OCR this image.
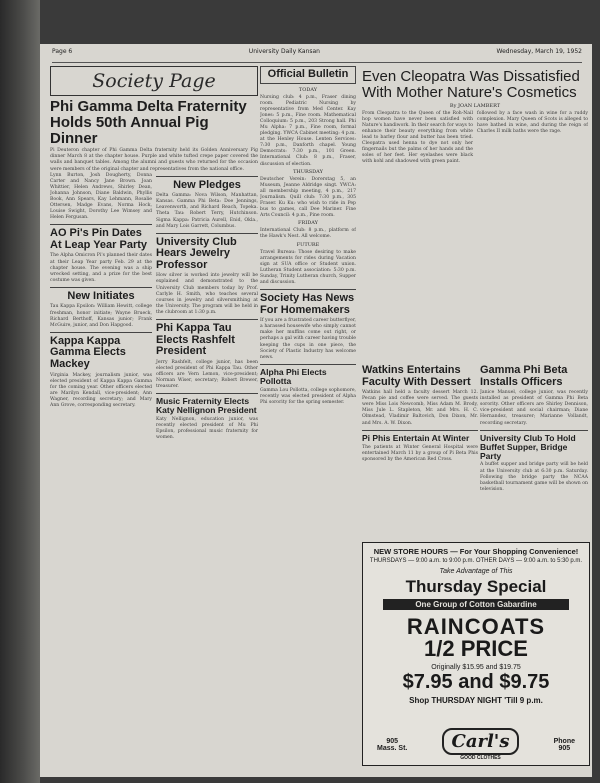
Page 6	University Daily Kansan	Wednesday, March 19, 1952
Society Page
Phi Gamma Delta Fraternity Holds 50th Annual Pig Dinner
Pi Deuteron chapter of Phi Gamma Delta fraternity held its Golden Anniversary Pig dinner March 8 at the chapter house. Purple and white tufted crepe paper covered the walls and banquet tables. Among the alumni and guests who returned for the occasion were members of the original chapter and representatives from the national office.
Lynn Burton, Josh Dougherty, Donna Carter and Nancy Jane Brown. Joan Whittier, Helen Andrews, Shirley Dean, Johanna Johnson, Diane Baldwin, Phyllis Book, Ann Spears, Kay Lehmann, Rosalie Ottersen, Madge Evans, Norma Hock, Louise Swight, Dorothy Lee Wimsey and Helen Fergusan.
AO Pi's Pin Dates At Leap Year Party
The Alpha Omicron Pi's planned their dates at their Leap Year party Feb. 29 at the chapter house. The evening was a ship wrecked setting, and a prize for the best costume was given.
New Initiates
Tau Kappa Epsilon: William Hewitt, college freshman, honor initiate; Wayne Brueck, Richard Berthoff, Kansas junior; Frank McGuire, junior, and Don Hapgood.
Kappa Kappa Gamma Elects Mackey
Virginia Mackey, journalism junior, was elected president of Kappa Kappa Gamma for the coming year. Other officers elected are Marilyn Kendall, vice-president; Ann Wagner, recording secretary; and Mary Ann Grove, corresponding secretary.
New Pledges
Delta Gamma: Nova Wilson, Manhattan, Kansas. Gamma Phi Beta: Doe Jennings, Leavenworth, and Richard Reach, Topeka. Theta Tau: Robert Terry, Hutchinson. Sigma Kappa: Patricia Aurell, Enid, Okla., and Mary Lois Garrett, Columbus.
University Club Hears Jewelry Professor
How silver is worked into jewelry will be explained and demonstrated to the University Club members today by Prof. Carlyle H. Smith, who teaches several courses in jewelry and silversmithing at the University. The program will be held in the clubroom at 1:30 p.m.
Phi Kappa Tau Elects Rashfelt President
Jerry Rashfelt, college junior, has been elected president of Phi Kappa Tau. Other officers are Vern Lemon, vice-president; Norman Wiser, secretary; Robert Brewer, treasurer.
Music Fraternity Elects Katy Nellignon President
Katy Nellignon, education junior, was recently elected president of Mu Phi Epsilon, professional music fraternity for women.
Official Bulletin
TODAY
Nursing club: 4 p.m., Fraser dining room. Pediatric Nursing by representative from Med Center. Kay Jones: 5 p.m., Fine room. Mathematical Colloquium: 5 p.m., 203 Strong hall. Phi Mu Alpha: 7 p.m., Fine room, formal pledging. YWCA Cabinet meeting: 4 p.m. at the Henley House. Lenten Services: 7:30 p.m., Danforth chapel. Young Democrats: 7:30 p.m., 101 Green. International Club: 8 p.m., Fraser, discussion of election.
THURSDAY
Deutscher Verein: Dorerstag 5, an Museum, Jeanne Aldridge singt. YWCA: all membership meeting, 4 p.m., 217 Journalism. Quill club: 7:30 p.m., 305 Fraser. Ku Ku: who wish to ride in Pep bus to games, call Dee Mariner. Fine Arts Council: 4 p.m., Pine room.
FRIDAY
International Club: 8 p.m., platform of the Hawk's Nest. All welcome.
FUTURE
Travel Bureau: Those desiring to make arrangements for rides during Vacation sign at SUA office or Student union. Lutheran Student association: 5:30 p.m. Sunday, Trinity Lutheran church, Supper and discussion.
Society Has News For Homemakers
If you are a frustrated career butterflyer, a harassed housewife who simply cannot make her muffins come out right, or perhaps a gal with career having trouble keeping the cups in one piece, the Society of Plastic Industry has welcome news.
Alpha Phi Elects Pollotta
Gamma Lou Pollotta, college sophomore, recently was elected president of Alpha Phi sorority for the spring semester.
Even Cleopatra Was Dissatisfied With Mother Nature's Cosmetics
By JOAN LAMBERT
From Cleopatra to the Queen of the Roh-Nail hop women have never been satisfied with Nature's handiwork. In their search for ways to enhance their beauty everything from white lead to barley flour and butter has been tried. Cleopatra used henna to dye not only her fingernails but the palms of her hands and the soles of her feet. Her eyelashes were black with kohl and shadowed with green paint.
followed by a face wash in wine for a ruddy complexion. Mary Queen of Scots is alleged to have bathed in wine, and during the reign of Charles II milk baths were the rage.
Watkins Entertains Faculty With Dessert
Watkins hall held a faculty dessert March 12. Pecan pie and coffee were served. The guests were Miss Lois Newcomb, Miss Adam M. Brody, Miss Jule L. Stapleton, Mr. and Mrs. H. C. Olmstead, Vladimir Baltovich, Don Dixon, Mr. and Mrs. A. W. Dixon.
Pi Phis Entertain At Winter
The patients at Winter General Hospital were entertained March 11 by a group of Pi Beta Phis sponsored by the American Red Cross.
Gamma Phi Beta Installs Officers
Janice Manuel, college junior, was recently installed as president of Gamma Phi Beta sorority. Other officers are Shirley Dennison, vice-president and social chairman; Diane Hernandez, treasurer; Marianne Vollandt, recording secretary.
University Club To Hold Buffet Supper, Bridge Party
A buffet supper and bridge party will be held at the University club at 6:30 p.m. Saturday. Following the bridge party the NCAA basketball tournament game will be shown on television.
NEW STORE HOURS — For Your Shopping Convenience!
THURSDAYS — 9:00 a.m. to 9:00 p.m. OTHER DAYS — 9:00 a.m. to 5:30 p.m.
Take Advantage of This
Thursday Special
One Group of Cotton Gabardine
RAINCOATS
1/2 PRICE
Originally $15.95 and $19.75
$7.95 and $9.75
Shop THURSDAY NIGHT 'Till 9 p.m.
905
Mass. St.	Carl's
GOOD CLOTHES
Phone
905
